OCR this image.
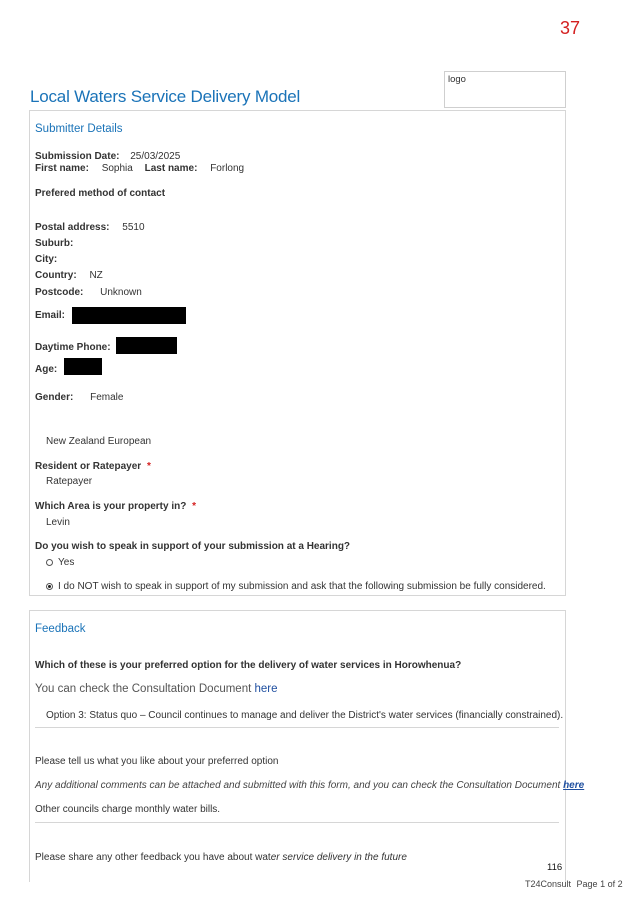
37
Local Waters Service Delivery Model
logo
Submitter Details
Submission Date: 25/03/2025
First name: Sophia Last name: Forlong
Prefered method of contact
Postal address: 5510
Suburb:
City:
Country: NZ
Postcode: Unknown
Email:
Daytime Phone:
Age:
Gender: Female
New Zealand European
Resident or Ratepayer *
Ratepayer
Which Area is your property in? *
Levin
Do you wish to speak in support of your submission at a Hearing?
Yes
I do NOT wish to speak in support of my submission and ask that the following submission be fully considered.
Feedback
Which of these is your preferred option for the delivery of water services in Horowhenua?
You can check the Consultation Document here
Option 3: Status quo – Council continues to manage and deliver the District's water services (financially constrained).
Please tell us what you like about your preferred option
Any additional comments can be attached and submitted with this form, and you can check the Consultation Document here
Other councils charge monthly water bills.
Please share any other feedback you have about water service delivery in the future
116
T24Consult Page 1 of 2
